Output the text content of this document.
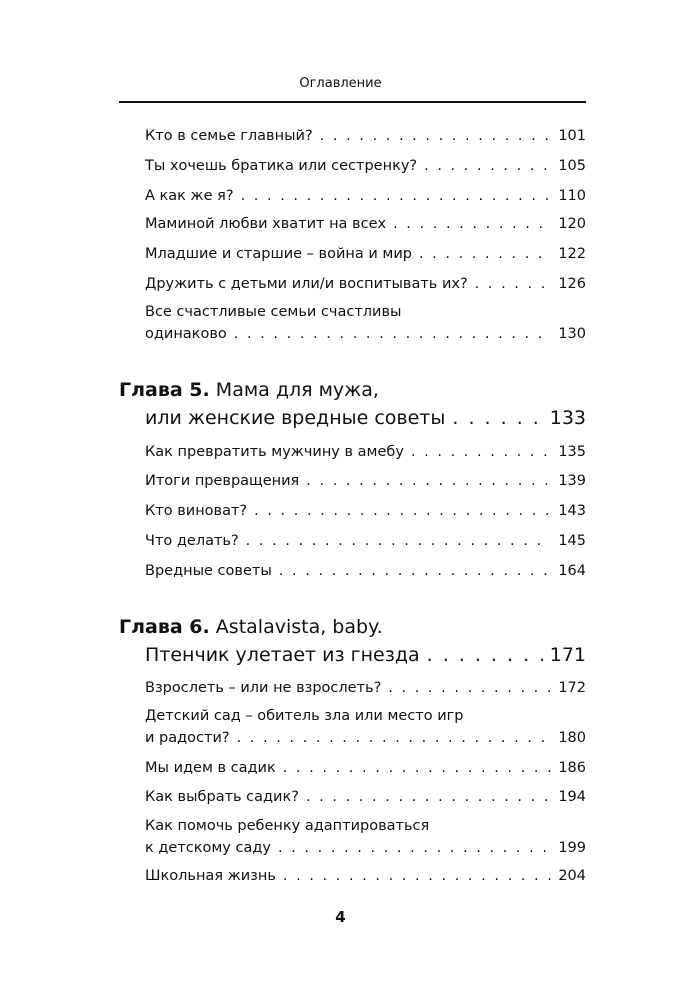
Оглавление
Кто в семье главный? . . .	101
Ты хочешь братика или сестренку? . . .	105
А как же я? . . .	110
Маминой любви хватит на всех . . .	120
Младшие и старшие – война и мир . . .	122
Дружить с детьми или/и воспитывать их? . . .	126
Все счастливые семьи счастливы
одинаково . . .	130
Глава 5. Мама для мужа,
или женские вредные советы . . .	133
Как превратить мужчину в амебу . . .	135
Итоги превращения . . .	139
Кто виноват? . . .	143
Что делать? . . .	145
Вредные советы . . .	164
Глава 6. Astalavista, baby.
Птенчик улетает из гнезда . . .	171
Взрослеть – или не взрослеть? . . .	172
Детский сад – обитель зла или место игр
и радости? . . .	180
Мы идем в садик . . .	186
Как выбрать садик? . . .	194
Как помочь ребенку адаптироваться
к детскому саду . . .	199
Школьная жизнь . . .	204
4
